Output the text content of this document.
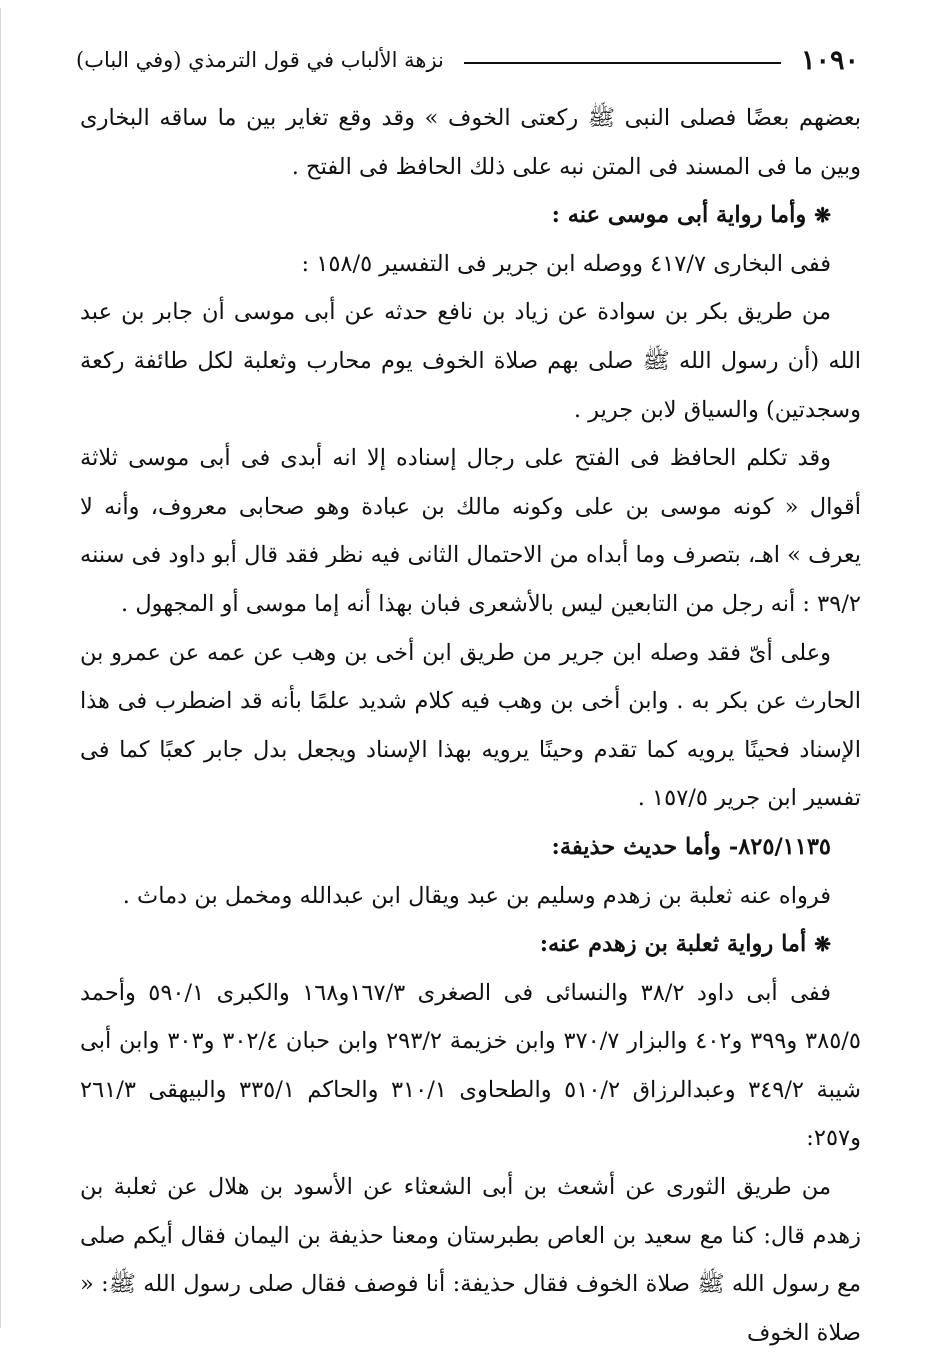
١٠٩٠
نزهة الألباب في قول الترمذي (وفي الباب)

بعضهم بعضًا فصلى النبى ﷺ ركعتى الخوف » وقد وقع تغاير بين ما ساقه البخارى وبين ما فى المسند فى المتن نبه على ذلك الحافظ فى الفتح .

❋وأما رواية أبى موسى عنه :

ففى البخارى ٤١٧/٧ ووصله ابن جرير فى التفسير ١٥٨/٥ :

من طريق بكر بن سوادة عن زياد بن نافع حدثه عن أبى موسى أن جابر بن عبد الله (أن رسول الله ﷺ صلى بهم صلاة الخوف يوم محارب وثعلبة لكل طائفة ركعة وسجدتين) والسياق لابن جرير .

وقد تكلم الحافظ فى الفتح على رجال إسناده إلا انه أبدى فى أبى موسى ثلاثة أقوال « كونه موسى بن على وكونه مالك بن عبادة وهو صحابى معروف، وأنه لا يعرف » اهـ، بتصرف وما أبداه من الاحتمال الثانى فيه نظر فقد قال أبو داود فى سننه ٣٩/٢ : أنه رجل من التابعين ليس بالأشعرى فبان بهذا أنه إما موسى أو المجهول .

وعلى أىّ فقد وصله ابن جرير من طريق ابن أخى بن وهب عن عمه عن عمرو بن الحارث عن بكر به . وابن أخى بن وهب فيه كلام شديد علمًا بأنه قد اضطرب فى هذا الإسناد فحينًا يرويه كما تقدم وحينًا يرويه بهذا الإسناد ويجعل بدل جابر كعبًا كما فى تفسير ابن جرير ١٥٧/٥ .

٨٢٥/١١٣٥- وأما حديث حذيفة:

فرواه عنه ثعلبة بن زهدم وسليم بن عبد ويقال ابن عبدالله ومخمل بن دماث .

❋أما رواية ثعلبة بن زهدم عنه:

ففى أبى داود ٣٨/٢ والنسائى فى الصغرى ١٦٧/٣و١٦٨ والكبرى ٥٩٠/١ وأحمد ٣٨٥/٥ و٣٩٩ و٤٠٢ والبزار ٣٧٠/٧ وابن خزيمة ٢٩٣/٢ وابن حبان ٣٠٢/٤ و٣٠٣ وابن أبى شيبة ٣٤٩/٢ وعبدالرزاق ٥١٠/٢ والطحاوى ٣١٠/١ والحاكم ٣٣٥/١ والبيهقى ٢٦١/٣ و٢٥٧:

من طريق الثورى عن أشعث بن أبى الشعثاء عن الأسود بن هلال عن ثعلبة بن زهدم قال: كنا مع سعيد بن العاص بطبرستان ومعنا حذيفة بن اليمان فقال أيكم صلى مع رسول الله ﷺ صلاة الخوف فقال حذيفة: أنا فوصف فقال صلى رسول الله ﷺ: « صلاة الخوف
